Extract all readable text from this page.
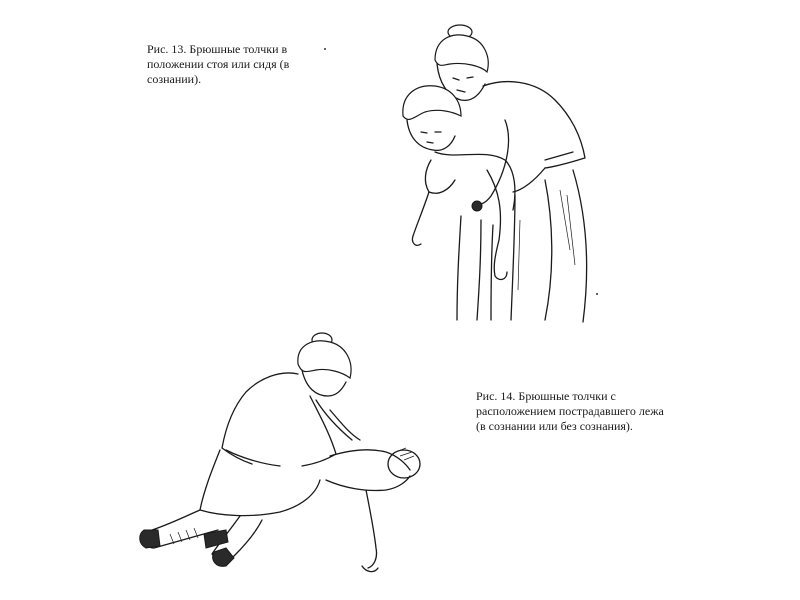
Рис. 13. Брюшные толчки в
положении стоя или сидя (в
сознании).
Рис. 14. Брюшные толчки с
расположением пострадавшего лежа
(в сознании или без сознания).
